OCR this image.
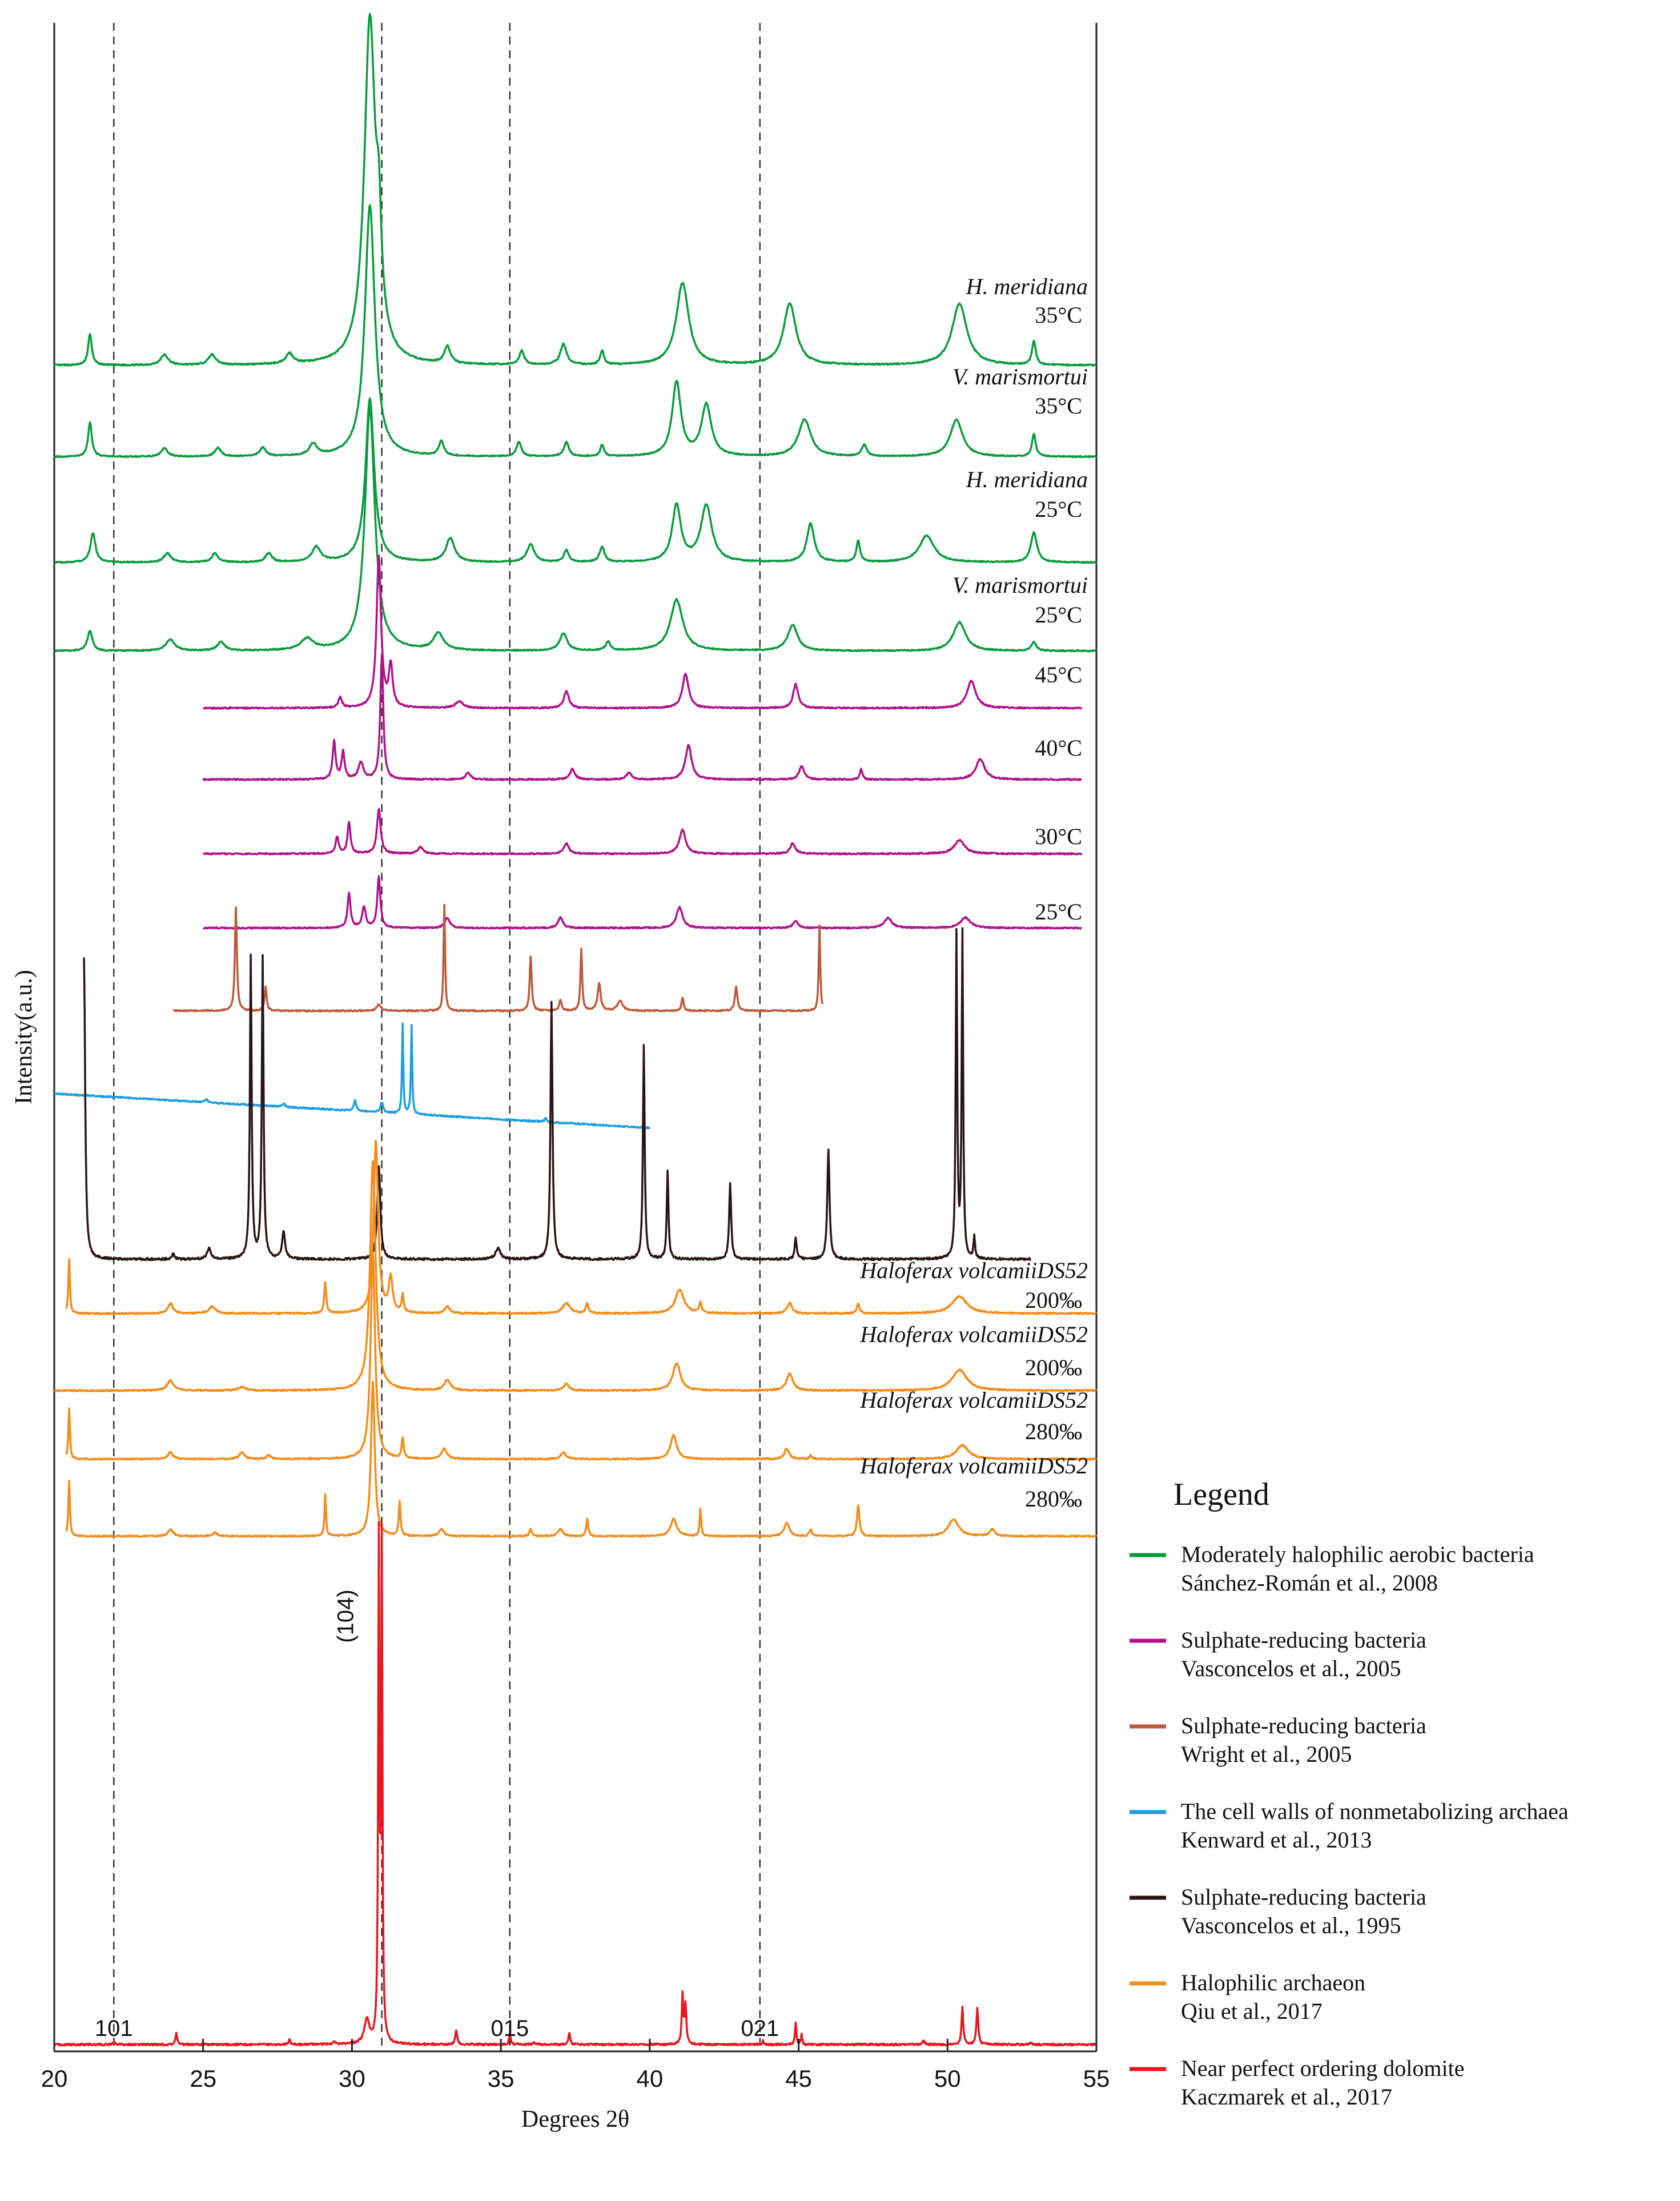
H. meridiana
35°C
V. marismortui
35°C
H. meridiana
25°C
V. marismortui
25°C
45°C
40°C
30°C
25°C
Haloferax volcamiiDS52
200‰
Haloferax volcamiiDS52
200‰
Haloferax volcamiiDS52
280‰
Haloferax volcamiiDS52
280‰
(104)
101	015	021
20	25	30	35	40	45	50	55
Degrees 2θ
Intensity(a.u.)
Legend
Moderately halophilic aerobic bacteria
Sánchez-Román et al., 2008
Sulphate-reducing bacteria
Vasconcelos et al., 2005
Sulphate-reducing bacteria
Wright et al., 2005
The cell walls of nonmetabolizing archaea
Kenward et al., 2013
Sulphate-reducing bacteria
Vasconcelos et al., 1995
Halophilic archaeon
Qiu et al., 2017
Near perfect ordering dolomite
Kaczmarek et al., 2017
